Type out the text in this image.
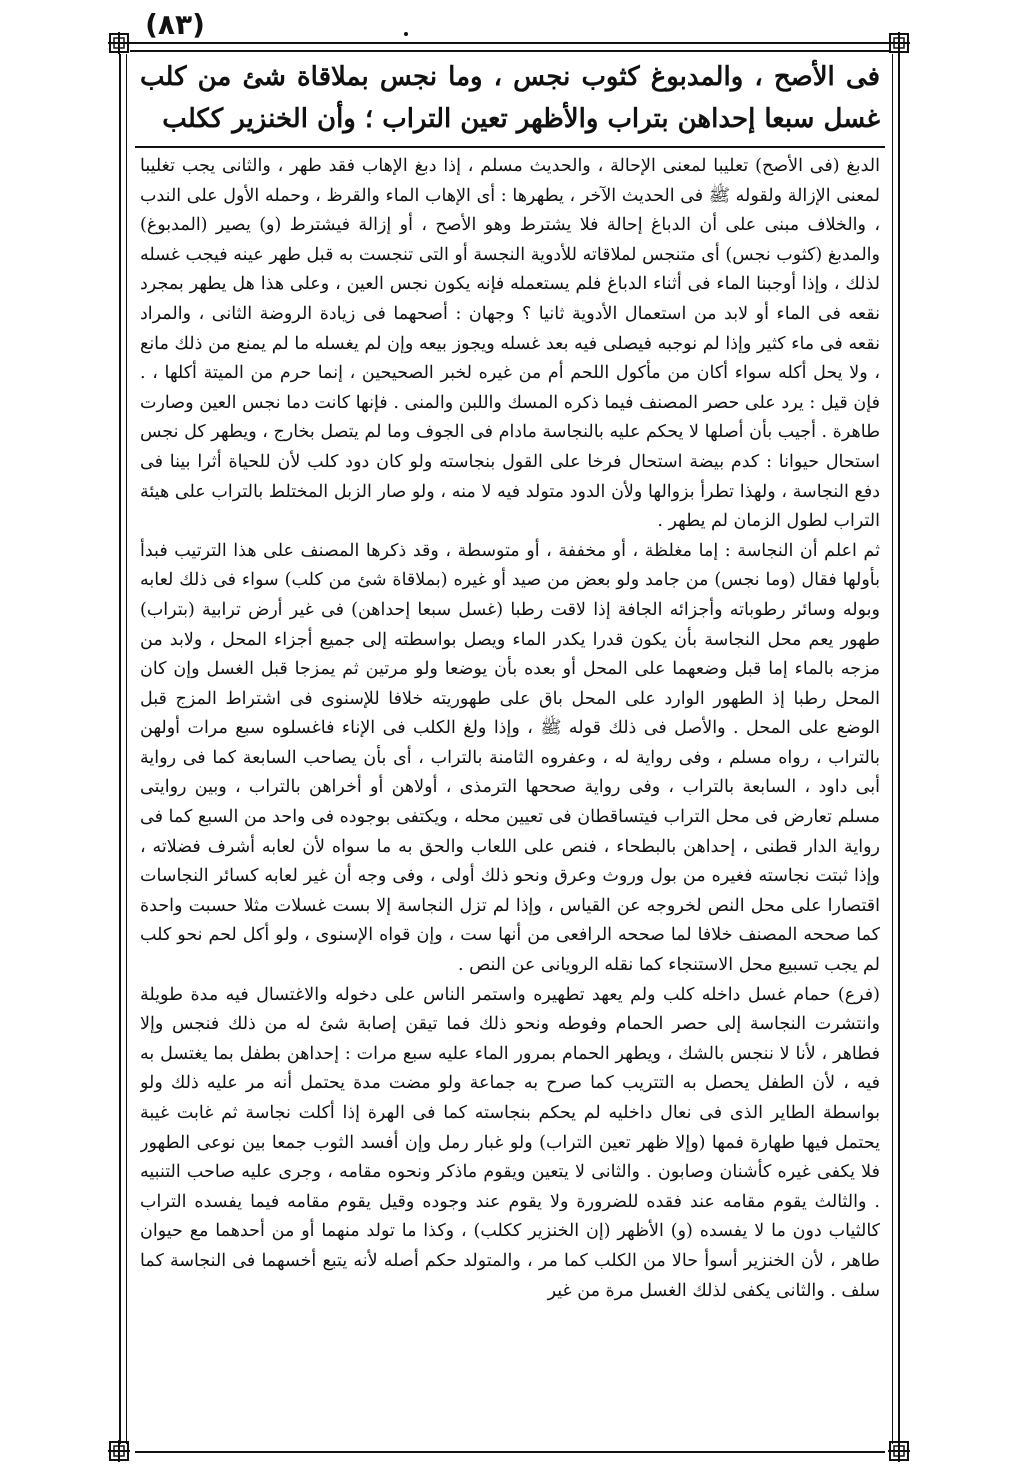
(٨٣)
فى الأصح ، والمدبوغ كثوب نجس ، وما نجس بملاقاة شئ من كلب غسل سبعا إحداهن بتراب والأظهر تعين التراب ؛ وأن الخنزير ككلب

الدبغ (فى الأصح) تعليبا لمعنى الإحالة ، والحديث مسلم ، إذا دبغ الإهاب فقد طهر ، والثانى يجب تغليبا لمعنى الإزالة ولقوله ﷺ فى الحديث الآخر ، يطهرها : أى الإهاب الماء والقرظ ، وحمله الأول على الندب ، والخلاف مبنى على أن الدباغ إحالة فلا يشترط وهو الأصح ، أو إزالة فيشترط (و) يصير (المدبوغ) والمدبغ (كثوب نجس) أى متنجس لملاقاته للأدوية النجسة أو التى تنجست به قبل طهر عينه فيجب غسله لذلك ، وإذا أوجبنا الماء فى أثناء الدباغ فلم يستعمله فإنه يكون نجس العين ، وعلى هذا هل يطهر بمجرد نقعه فى الماء أو لابد من استعمال الأدوية ثانيا ؟ وجهان : أصحهما فى زيادة الروضة الثانى ، والمراد نقعه فى ماء كثير وإذا لم نوجبه فيصلى فيه بعد غسله ويجوز بيعه وإن لم يغسله ما لم يمنع من ذلك مانع ، ولا يحل أكله سواء أكان من مأكول اللحم أم من غيره لخبر الصحيحين ، إنما حرم من الميتة أكلها ، . فإن قيل : يرد على حصر المصنف فيما ذكره المسك واللبن والمنى . فإنها كانت دما نجس العين وصارت طاهرة . أجيب بأن أصلها لا يحكم عليه بالنجاسة مادام فى الجوف وما لم يتصل بخارج ، ويطهر كل نجس استحال حيوانا : كدم بيضة استحال فرخا على القول بنجاسته ولو كان دود كلب لأن للحياة أثرا بينا فى دفع النجاسة ، ولهذا تطرأ بزوالها ولأن الدود متولد فيه لا منه ، ولو صار الزبل المختلط بالتراب على هيئة التراب لطول الزمان لم يطهر .

ثم اعلم أن النجاسة : إما مغلظة ، أو مخففة ، أو متوسطة ، وقد ذكرها المصنف على هذا الترتيب فبدأ بأولها فقال (وما نجس) من جامد ولو بعض من صيد أو غيره (بملاقاة شئ من كلب) سواء فى ذلك لعابه وبوله وسائر رطوباته وأجزائه الجافة إذا لاقت رطبا (غسل سبعا إحداهن) فى غير أرض ترابية (بتراب) طهور يعم محل النجاسة بأن يكون قدرا يكدر الماء ويصل بواسطته إلى جميع أجزاء المحل ، ولابد من مزجه بالماء إما قبل وضعهما على المحل أو بعده بأن يوضعا ولو مرتين ثم يمزجا قبل الغسل وإن كان المحل رطبا إذ الطهور الوارد على المحل باق على طهوريته خلافا للإسنوى فى اشتراط المزج قبل الوضع على المحل . والأصل فى ذلك قوله ﷺ ، وإذا ولغ الكلب فى الإناء فاغسلوه سبع مرات أولهن بالتراب ، رواه مسلم ، وفى رواية له ، وعفروه الثامنة بالتراب ، أى بأن يصاحب السابعة كما فى رواية أبى داود ، السابعة بالتراب ، وفى رواية صححها الترمذى ، أولاهن أو أخراهن بالتراب ، وبين روايتى مسلم تعارض فى محل التراب فيتساقطان فى تعيين محله ، ويكتفى بوجوده فى واحد من السبع كما فى رواية الدار قطنى ، إحداهن بالبطحاء ، فنص على اللعاب والحق به ما سواه لأن لعابه أشرف فضلاته ، وإذا ثبتت نجاسته فغيره من بول وروث وعرق ونحو ذلك أولى ، وفى وجه أن غير لعابه كسائر النجاسات اقتصارا على محل النص لخروجه عن القياس ، وإذا لم تزل النجاسة إلا بست غسلات مثلا حسبت واحدة كما صححه المصنف خلافا لما صححه الرافعى من أنها ست ، وإن قواه الإسنوى ، ولو أكل لحم نحو كلب لم يجب تسبيع محل الاستنجاء كما نقله الرويانى عن النص .

(فرع) حمام غسل داخله كلب ولم يعهد تطهيره واستمر الناس على دخوله والاغتسال فيه مدة طويلة وانتشرت النجاسة إلى حصر الحمام وفوطه ونحو ذلك فما تيقن إصابة شئ له من ذلك فنجس وإلا فطاهر ، لأنا لا ننجس بالشك ، ويطهر الحمام بمرور الماء عليه سبع مرات : إحداهن بطفل بما يغتسل به فيه ، لأن الطفل يحصل به التتريب كما صرح به جماعة ولو مضت مدة يحتمل أنه مر عليه ذلك ولو بواسطة الطاير الذى فى نعال داخليه لم يحكم بنجاسته كما فى الهرة إذا أكلت نجاسة ثم غابت غيبة يحتمل فيها طهارة فمها (وإلا ظهر تعين التراب) ولو غبار رمل وإن أفسد الثوب جمعا بين نوعى الطهور فلا يكفى غيره كأشنان وصابون . والثانى لا يتعين ويقوم ماذكر ونحوه مقامه ، وجرى عليه صاحب التنبيه . والثالث يقوم مقامه عند فقده للضرورة ولا يقوم عند وجوده وقيل يقوم مقامه فيما يفسده التراب كالثياب دون ما لا يفسده (و) الأظهر (إن الخنزير ككلب) ، وكذا ما تولد منهما أو من أحدهما مع حيوان طاهر ، لأن الخنزير أسوأ حالا من الكلب كما مر ، والمتولد حكم أصله لأنه يتبع أخسهما فى النجاسة كما سلف . والثانى يكفى لذلك الغسل مرة من غير
